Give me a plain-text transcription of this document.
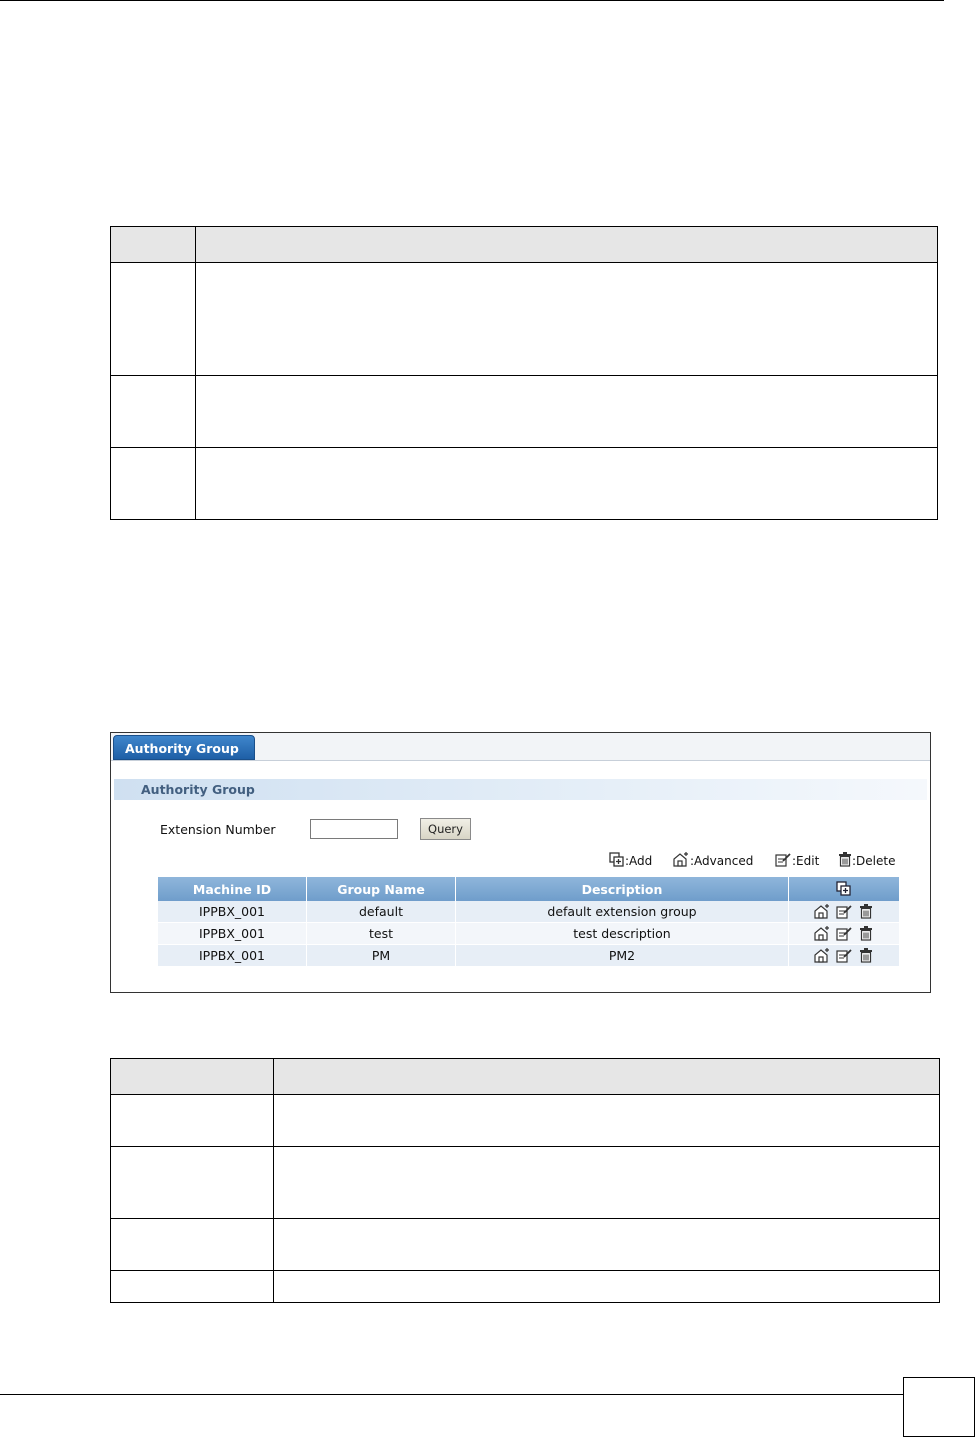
Authority Group
Authority Group
Extension Number	Query
:Add	:Advanced	:Edit	:Delete
Machine ID	Group Name	Description	
IPPBX_001	default	default extension group	
IPPBX_001	test	test description	
IPPBX_001	PM	PM2	
